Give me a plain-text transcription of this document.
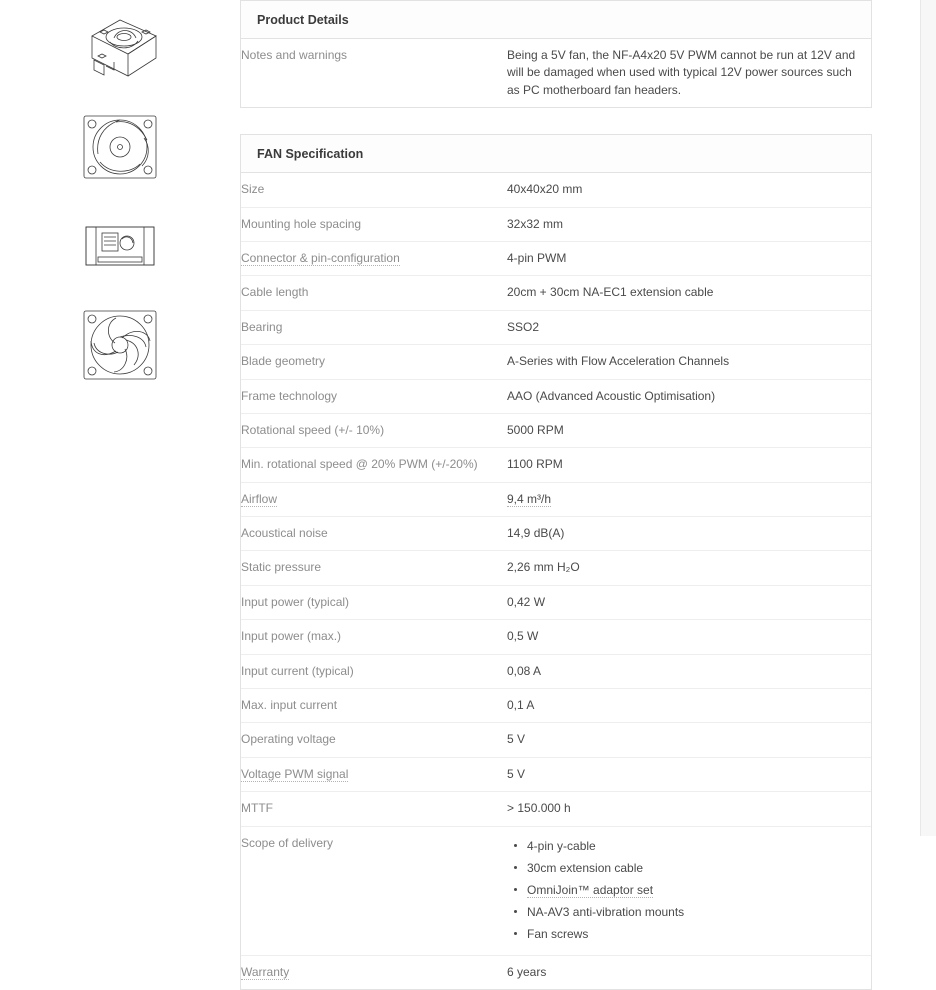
Product Details
Notes and warnings	Being a 5V fan, the NF-A4x20 5V PWM cannot be run at 12V and will be damaged when used with typical 12V power sources such as PC motherboard fan headers.
FAN Specification
Size	40x40x20 mm
Mounting hole spacing	32x32 mm
Connector & pin-configuration	4-pin PWM
Cable length	20cm + 30cm NA-EC1 extension cable
Bearing	SSO2
Blade geometry	A-Series with Flow Acceleration Channels
Frame technology	AAO (Advanced Acoustic Optimisation)
Rotational speed (+/- 10%)	5000 RPM
Min. rotational speed @ 20% PWM (+/-20%)	1100 RPM
Airflow	9,4 m³/h
Acoustical noise	14,9 dB(A)
Static pressure	2,26 mm H₂O
Input power (typical)	0,42 W
Input power (max.)	0,5 W
Input current (typical)	0,08 A
Max. input current	0,1 A
Operating voltage	5 V
Voltage PWM signal	5 V
MTTF	> 150.000 h
Scope of delivery	4-pin y-cable
30cm extension cable
OmniJoin™ adaptor set
NA-AV3 anti-vibration mounts
Fan screws

Warranty	6 years
